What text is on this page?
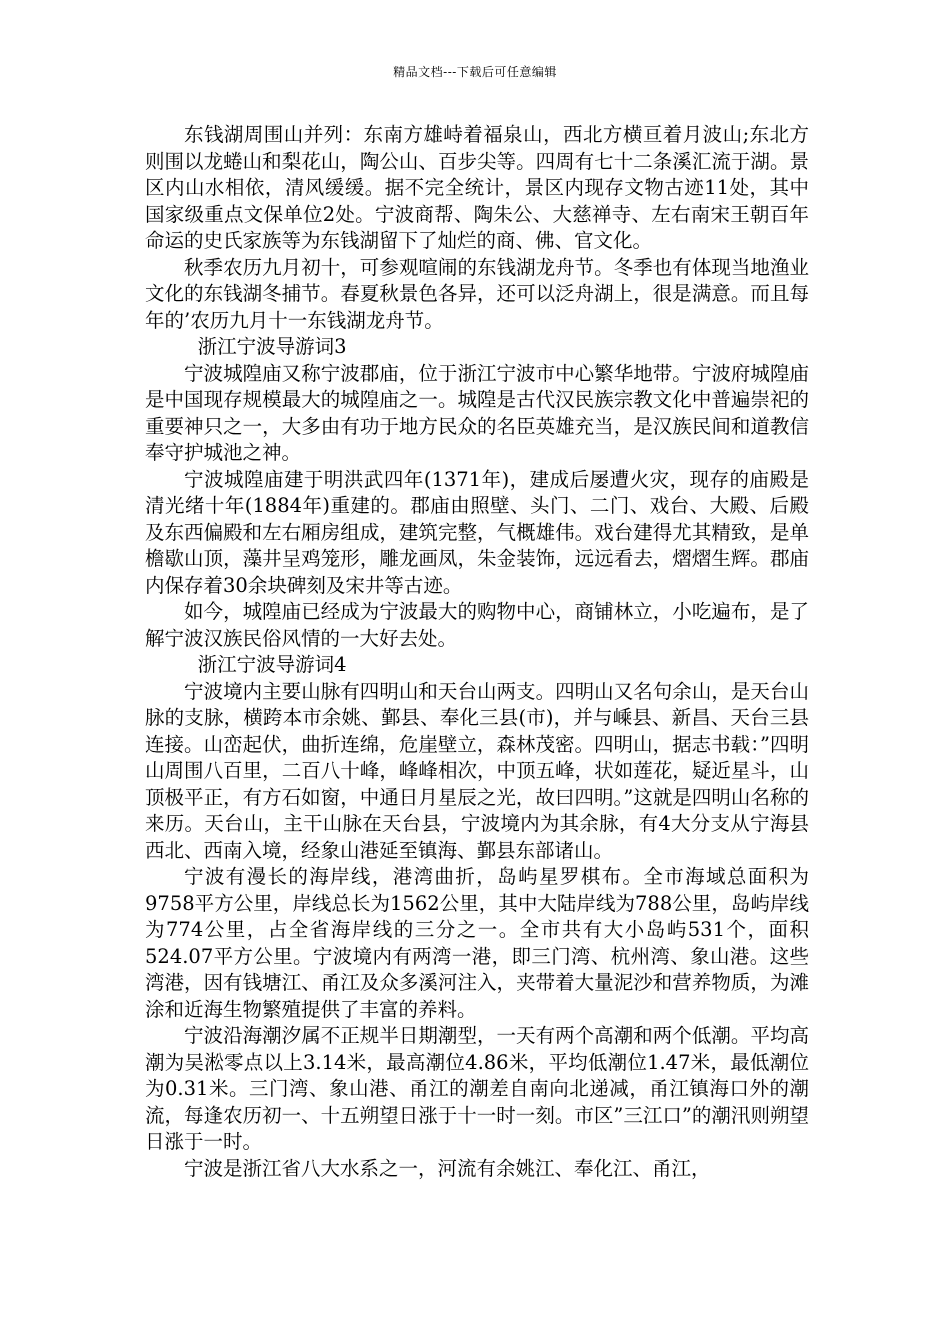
精品文档---下载后可任意编辑

东钱湖周围山并列：东南方雄峙着福泉山，西北方横亘着月波山;东北方则围以龙蜷山和梨花山，陶公山、百步尖等。四周有七十二条溪汇流于湖。景区内山水相依，清风缓缓。据不完全统计，景区内现存文物古迹11处，其中国家级重点文保单位2处。宁波商帮、陶朱公、大慈禅寺、左右南宋王朝百年命运的史氏家族等为东钱湖留下了灿烂的商、佛、官文化。

秋季农历九月初十，可参观喧闹的东钱湖龙舟节。冬季也有体现当地渔业文化的东钱湖冬捕节。春夏秋景色各异，还可以泛舟湖上，很是满意。而且每年的’农历九月十一东钱湖龙舟节。

浙江宁波导游词3

宁波城隍庙又称宁波郡庙，位于浙江宁波市中心繁华地带。宁波府城隍庙是中国现存规模最大的城隍庙之一。城隍是古代汉民族宗教文化中普遍崇祀的重要神只之一，大多由有功于地方民众的名臣英雄充当，是汉族民间和道教信奉守护城池之神。

宁波城隍庙建于明洪武四年(1371年)，建成后屡遭火灾，现存的庙殿是清光绪十年(1884年)重建的。郡庙由照壁、头门、二门、戏台、大殿、后殿及东西偏殿和左右厢房组成，建筑完整，气概雄伟。戏台建得尤其精致，是单檐歇山顶，藻井呈鸡笼形，雕龙画凤，朱金装饰，远远看去，熠熠生辉。郡庙内保存着30余块碑刻及宋井等古迹。

如今，城隍庙已经成为宁波最大的购物中心，商铺林立，小吃遍布，是了解宁波汉族民俗风情的一大好去处。

浙江宁波导游词4

宁波境内主要山脉有四明山和天台山两支。四明山又名句余山，是天台山脉的支脉，横跨本市余姚、鄞县、奉化三县(市)，并与嵊县、新昌、天台三县连接。山峦起伏，曲折连绵，危崖壁立，森林茂密。四明山，据志书载：”四明山周围八百里，二百八十峰，峰峰相次，中顶五峰，状如莲花，疑近星斗，山顶极平正，有方石如窗，中通日月星辰之光，故曰四明。”这就是四明山名称的来历。天台山，主干山脉在天台县，宁波境内为其余脉，有4大分支从宁海县西北、西南入境，经象山港延至镇海、鄞县东部诸山。

宁波有漫长的海岸线，港湾曲折，岛屿星罗棋布。全市海域总面积为9758平方公里，岸线总长为1562公里，其中大陆岸线为788公里，岛屿岸线为774公里，占全省海岸线的三分之一。全市共有大小岛屿531个，面积524.07平方公里。宁波境内有两湾一港，即三门湾、杭州湾、象山港。这些湾港，因有钱塘江、甬江及众多溪河注入，夹带着大量泥沙和营养物质，为滩涂和近海生物繁殖提供了丰富的养料。

宁波沿海潮汐属不正规半日期潮型，一天有两个高潮和两个低潮。平均高潮为吴淞零点以上3.14米，最高潮位4.86米，平均低潮位1.47米，最低潮位为0.31米。三门湾、象山港、甬江的潮差自南向北递减，甬江镇海口外的潮流，每逢农历初一、十五朔望日涨于十一时一刻。市区”三江口”的潮汛则朔望日涨于一时。

宁波是浙江省八大水系之一，河流有余姚江、奉化江、甬江，
